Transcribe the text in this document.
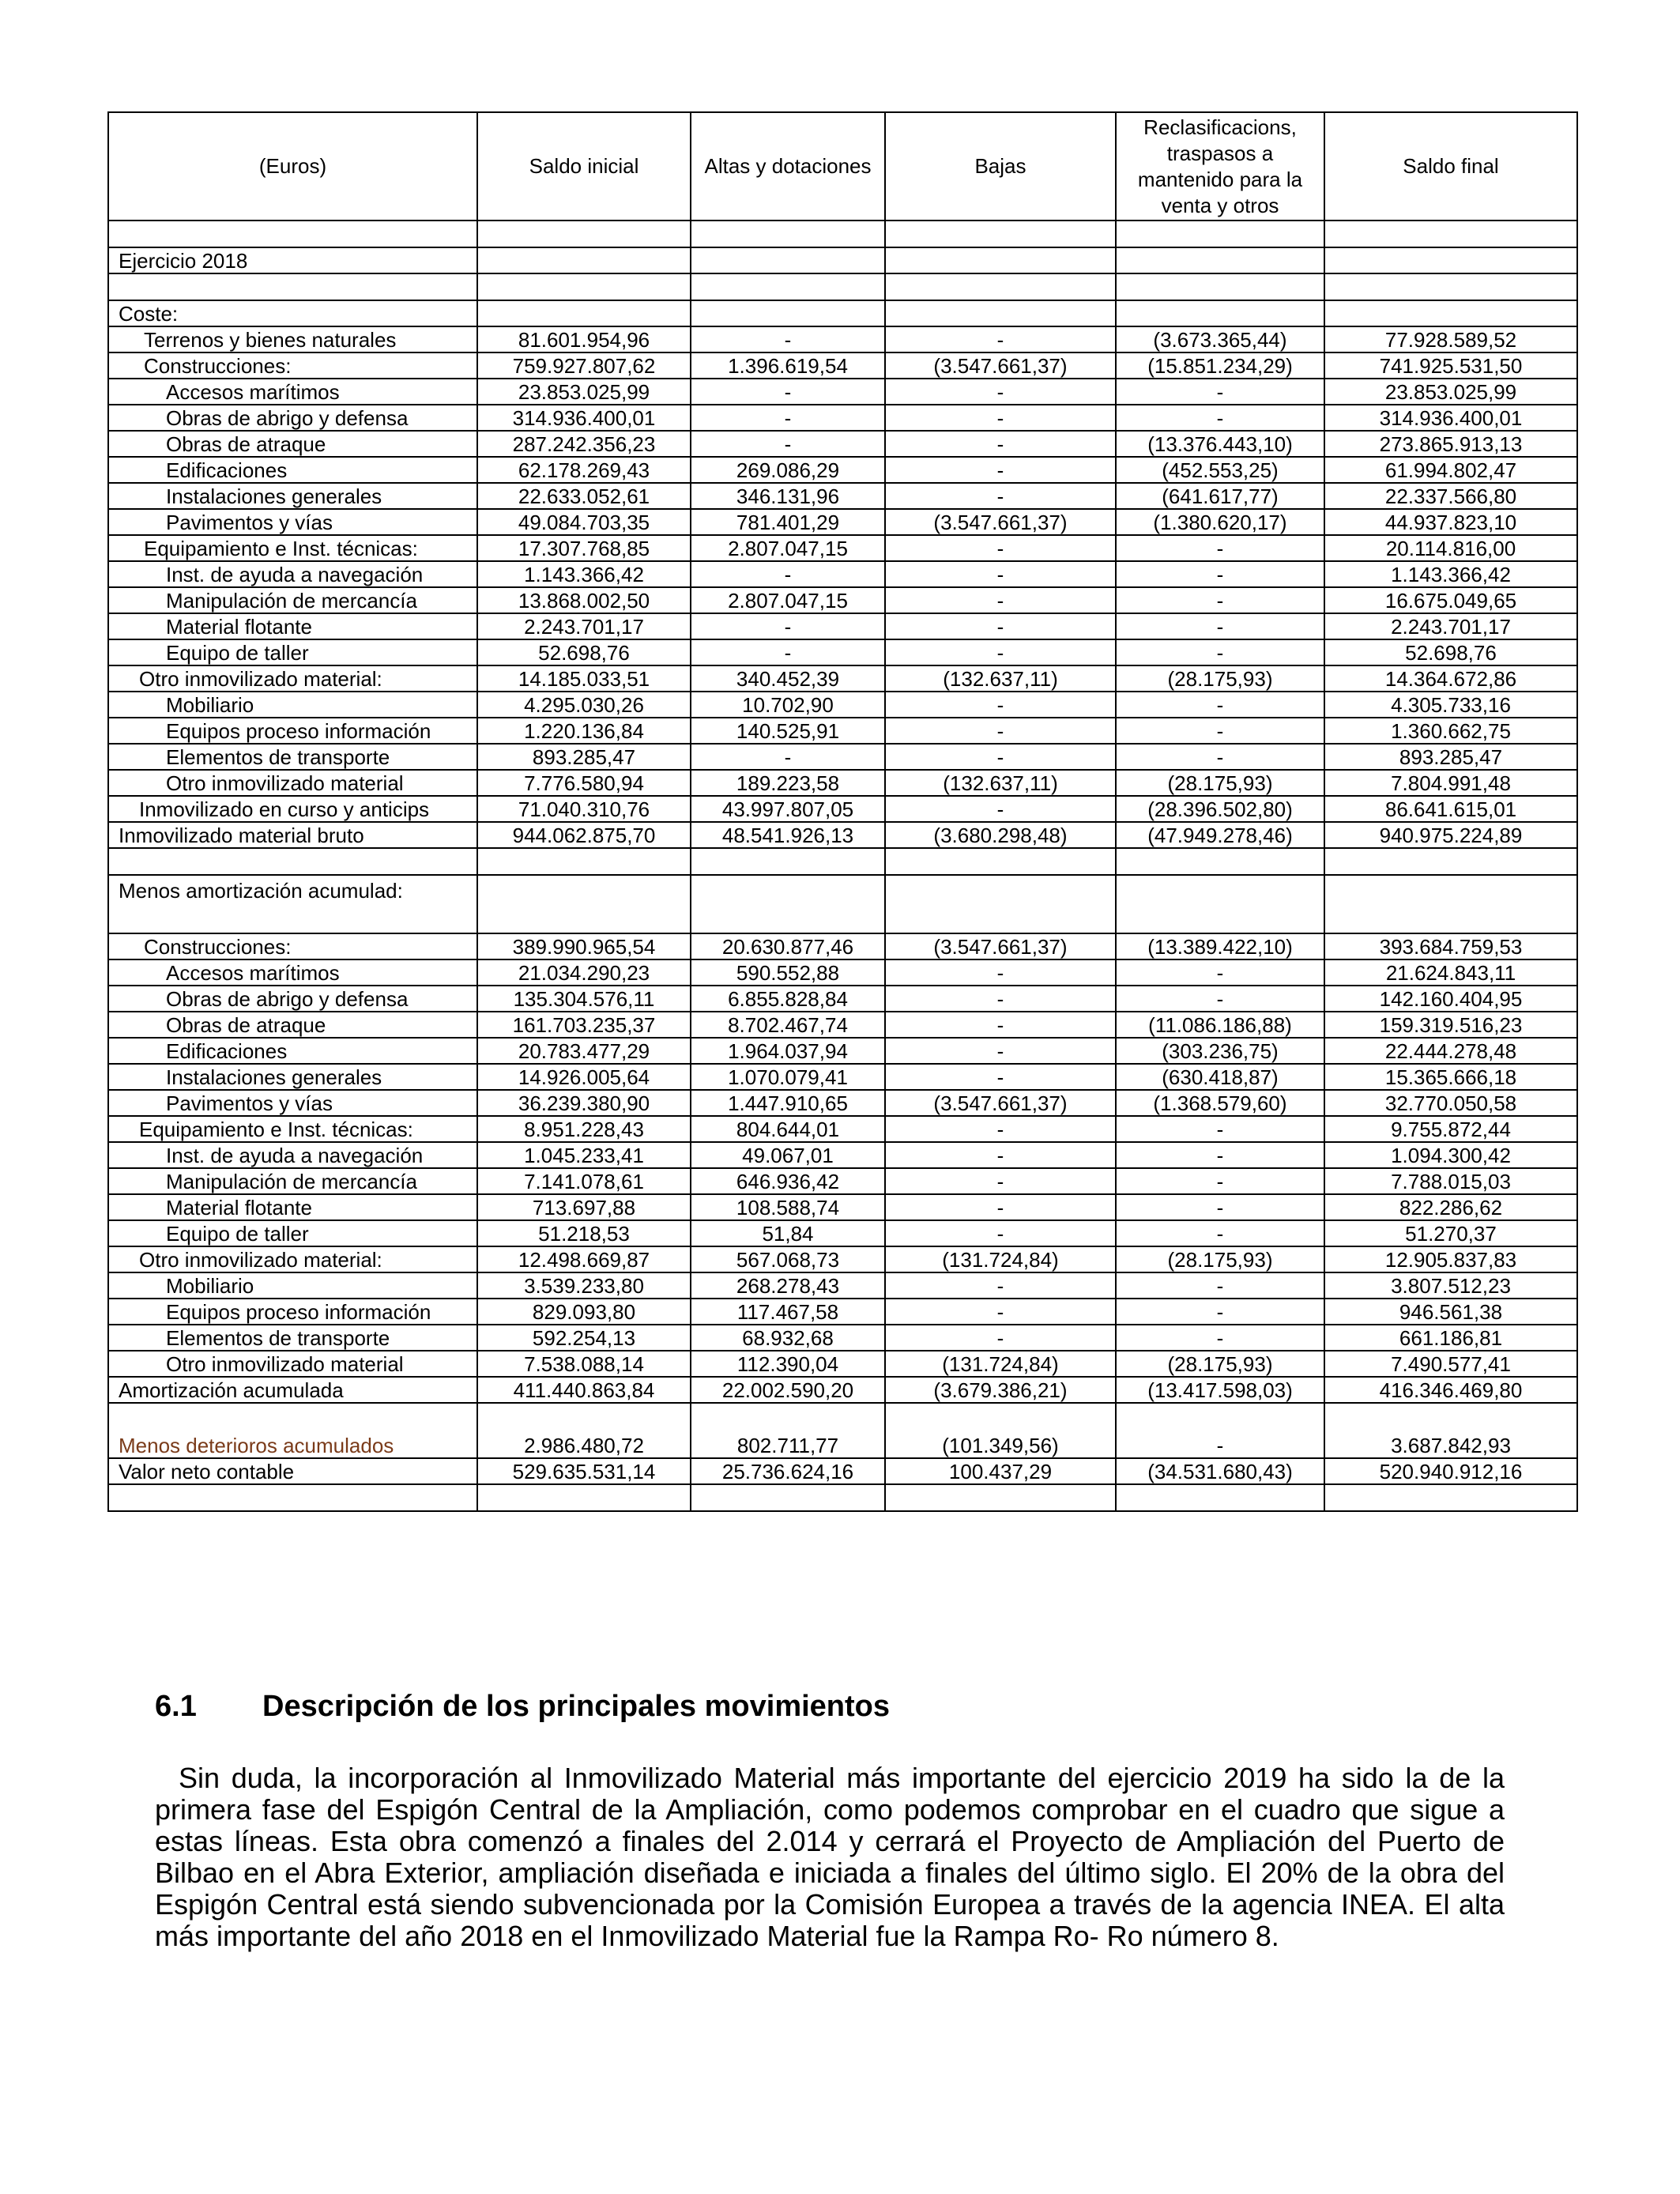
(Euros)	Saldo inicial	Altas y dotaciones	Bajas	Reclasificacions, traspasos a mantenido para la venta y otros	Saldo final

Ejercicio 2018					

Coste:					
Terrenos y bienes naturales	81.601.954,96	-	-	(3.673.365,44)	77.928.589,52
Construcciones:	759.927.807,62	1.396.619,54	(3.547.661,37)	(15.851.234,29)	741.925.531,50
Accesos marítimos	23.853.025,99	-	-	-	23.853.025,99
Obras de abrigo y defensa	314.936.400,01	-	-	-	314.936.400,01
Obras de atraque	287.242.356,23	-	-	(13.376.443,10)	273.865.913,13
Edificaciones	62.178.269,43	269.086,29	-	(452.553,25)	61.994.802,47
Instalaciones generales	22.633.052,61	346.131,96	-	(641.617,77)	22.337.566,80
Pavimentos y vías	49.084.703,35	781.401,29	(3.547.661,37)	(1.380.620,17)	44.937.823,10
Equipamiento e Inst. técnicas:	17.307.768,85	2.807.047,15	-	-	20.114.816,00
Inst. de ayuda a navegación	1.143.366,42	-	-	-	1.143.366,42
Manipulación de mercancía	13.868.002,50	2.807.047,15	-	-	16.675.049,65
Material flotante	2.243.701,17	-	-	-	2.243.701,17
Equipo de taller	52.698,76	-	-	-	52.698,76
Otro inmovilizado material:	14.185.033,51	340.452,39	(132.637,11)	(28.175,93)	14.364.672,86
Mobiliario	4.295.030,26	10.702,90	-	-	4.305.733,16
Equipos proceso información	1.220.136,84	140.525,91	-	-	1.360.662,75
Elementos de transporte	893.285,47	-	-	-	893.285,47
Otro inmovilizado material	7.776.580,94	189.223,58	(132.637,11)	(28.175,93)	7.804.991,48
Inmovilizado en curso y anticips	71.040.310,76	43.997.807,05	-	(28.396.502,80)	86.641.615,01
Inmovilizado material bruto	944.062.875,70	48.541.926,13	(3.680.298,48)	(47.949.278,46)	940.975.224,89

Menos amortización acumulad:					
Construcciones:	389.990.965,54	20.630.877,46	(3.547.661,37)	(13.389.422,10)	393.684.759,53
Accesos marítimos	21.034.290,23	590.552,88	-	-	21.624.843,11
Obras de abrigo y defensa	135.304.576,11	6.855.828,84	-	-	142.160.404,95
Obras de atraque	161.703.235,37	8.702.467,74	-	(11.086.186,88)	159.319.516,23
Edificaciones	20.783.477,29	1.964.037,94	-	(303.236,75)	22.444.278,48
Instalaciones generales	14.926.005,64	1.070.079,41	-	(630.418,87)	15.365.666,18
Pavimentos y vías	36.239.380,90	1.447.910,65	(3.547.661,37)	(1.368.579,60)	32.770.050,58
Equipamiento e Inst. técnicas:	8.951.228,43	804.644,01	-	-	9.755.872,44
Inst. de ayuda a navegación	1.045.233,41	49.067,01	-	-	1.094.300,42
Manipulación de mercancía	7.141.078,61	646.936,42	-	-	7.788.015,03
Material flotante	713.697,88	108.588,74	-	-	822.286,62
Equipo de taller	51.218,53	51,84	-	-	51.270,37
Otro inmovilizado material:	12.498.669,87	567.068,73	(131.724,84)	(28.175,93)	12.905.837,83
Mobiliario	3.539.233,80	268.278,43	-	-	3.807.512,23
Equipos proceso información	829.093,80	117.467,58	-	-	946.561,38
Elementos de transporte	592.254,13	68.932,68	-	-	661.186,81
Otro inmovilizado material	7.538.088,14	112.390,04	(131.724,84)	(28.175,93)	7.490.577,41
Amortización acumulada	411.440.863,84	22.002.590,20	(3.679.386,21)	(13.417.598,03)	416.346.469,80
Menos deterioros acumulados	2.986.480,72	802.711,77	(101.349,56)	-	3.687.842,93
Valor neto contable	529.635.531,14	25.736.624,16	100.437,29	(34.531.680,43)	520.940.912,16

6.1 Descripción de los principales movimientos

Sin duda, la incorporación al Inmovilizado Material más importante del ejercicio 2019 ha sido la de la primera fase del Espigón Central de la Ampliación, como podemos comprobar en el cuadro que sigue a estas líneas. Esta obra comenzó a finales del 2.014 y cerrará el Proyecto de Ampliación del Puerto de Bilbao en el Abra Exterior, ampliación diseñada e iniciada a finales del último siglo. El 20% de la obra del Espigón Central está siendo subvencionada por la Comisión Europea a través de la agencia INEA. El alta más importante del año 2018 en el Inmovilizado Material fue la Rampa Ro- Ro número 8.
